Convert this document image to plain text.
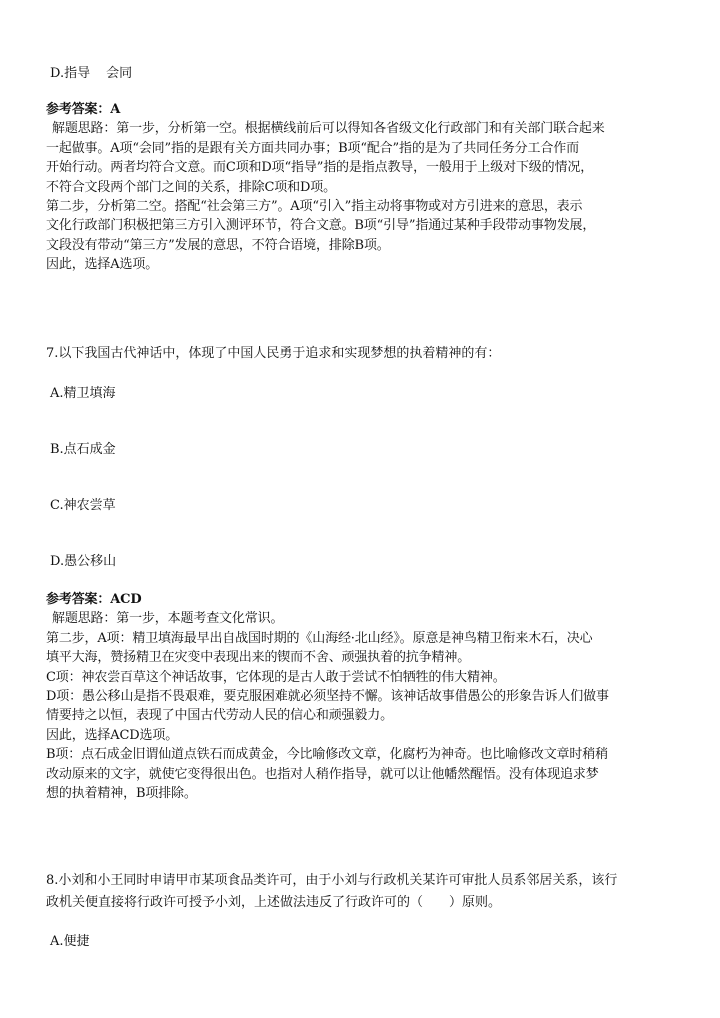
D.指导 会同

参考答案：A

解题思路：第一步，分析第一空。根据横线前后可以得知各省级文化行政部门和有关部门联合起来

一起做事。A项“会同”指的是跟有关方面共同办事；B项“配合”指的是为了共同任务分工合作而

开始行动。两者均符合文意。而C项和D项“指导”指的是指点教导，一般用于上级对下级的情况，

不符合文段两个部门之间的关系，排除C项和D项。

第二步，分析第二空。搭配“社会第三方”。A项“引入”指主动将事物或对方引进来的意思，表示

文化行政部门积极把第三方引入测评环节，符合文意。B项“引导”指通过某种手段带动事物发展，

文段没有带动“第三方”发展的意思，不符合语境，排除B项。

因此，选择A选项。

7.以下我国古代神话中，体现了中国人民勇于追求和实现梦想的执着精神的有：

A.精卫填海
B.点石成金
C.神农尝草
D.愚公移山

参考答案：ACD

解题思路：第一步，本题考查文化常识。

第二步，A项：精卫填海最早出自战国时期的《山海经·北山经》。原意是神鸟精卫衔来木石，决心

填平大海，赞扬精卫在灾变中表现出来的锲而不舍、顽强执着的抗争精神。

C项：神农尝百草这个神话故事，它体现的是古人敢于尝试不怕牺牲的伟大精神。

D项：愚公移山是指不畏艰难，要克服困难就必须坚持不懈。该神话故事借愚公的形象告诉人们做事

情要持之以恒，表现了中国古代劳动人民的信心和顽强毅力。

因此，选择ACD选项。

B项：点石成金旧谓仙道点铁石而成黄金，今比喻修改文章，化腐朽为神奇。也比喻修改文章时稍稍

改动原来的文字，就使它变得很出色。也指对人稍作指导，就可以让他幡然醒悟。没有体现追求梦

想的执着精神，B项排除。

8.小刘和小王同时申请甲市某项食品类许可，由于小刘与行政机关某许可审批人员系邻居关系，该行

政机关便直接将行政许可授予小刘，上述做法违反了行政许可的（　　）原则。

A.便捷
